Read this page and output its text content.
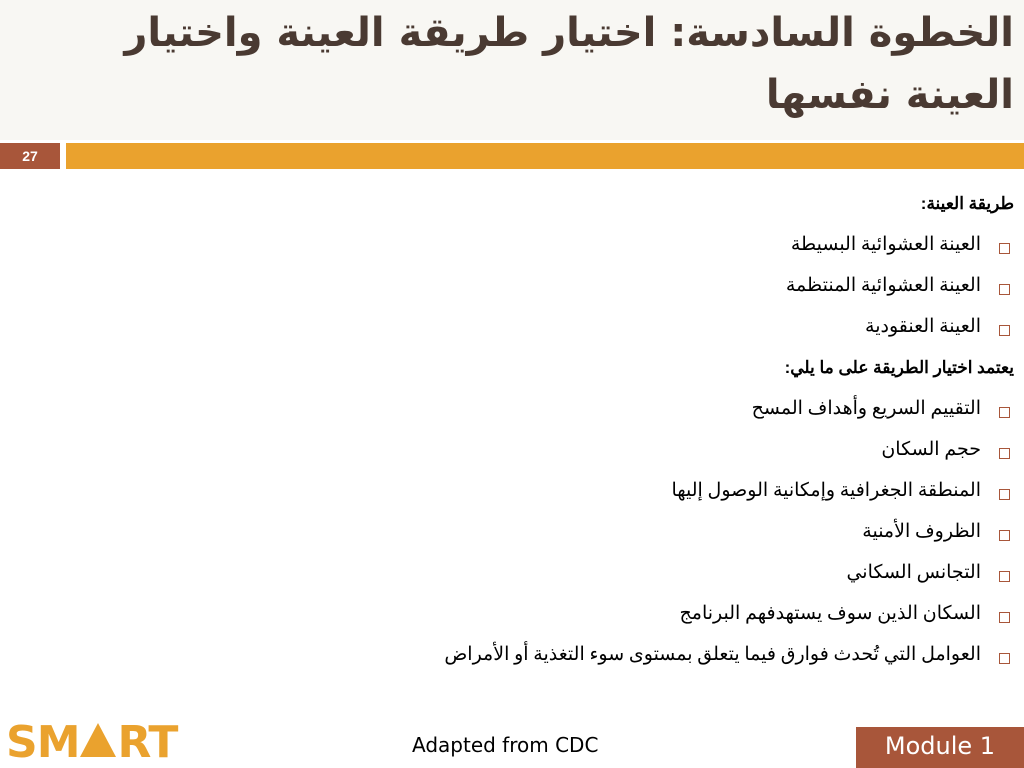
الخطوة السادسة: اختيار طريقة العينة واختيار العينة نفسها
27
طريقة العينة:
العينة العشوائية البسيطة
العينة العشوائية المنتظمة
العينة العنقودية
يعتمد اختيار الطريقة على ما يلي:
التقييم السريع وأهداف المسح
حجم السكان
المنطقة الجغرافية وإمكانية الوصول إليها
الظروف الأمنية
التجانس السكاني
السكان الذين سوف يستهدفهم البرنامج
العوامل التي تُحدث فوارق فيما يتعلق بمستوى سوء التغذية أو الأمراض
SM RT	Adapted from CDC	Module 1
